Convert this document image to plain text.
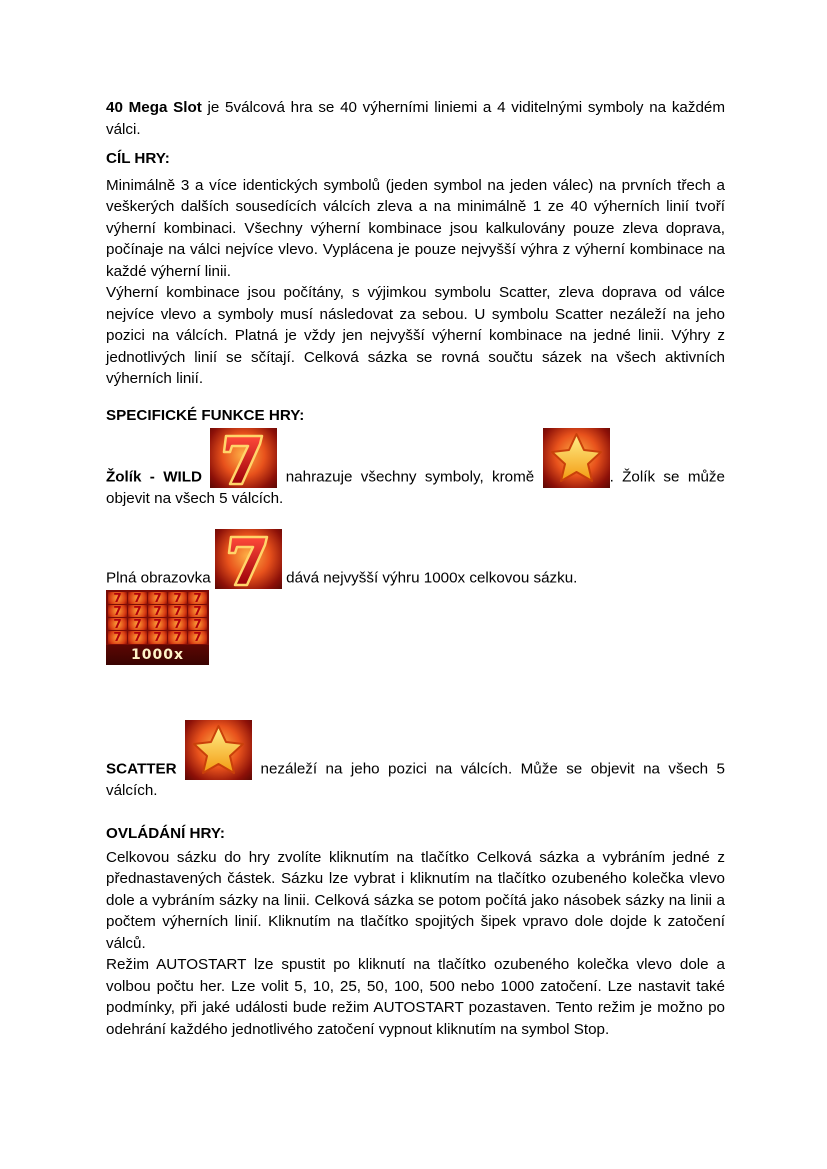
40 Mega Slot je 5válcová hra se 40 výherními liniemi a 4 viditelnými symboly na každém válci.

CÍL HRY:

Minimálně 3 a více identických symbolů (jeden symbol na jeden válec) na prvních třech a veškerých dalších sousedících válcích zleva a na minimálně 1 ze 40 výherních linií tvoří výherní kombinaci. Všechny výherní kombinace jsou kalkulovány pouze zleva doprava, počínaje na válci nejvíce vlevo. Vyplácena je pouze nejvyšší výhra z výherní kombinace na každé výherní linii.

Výherní kombinace jsou počítány, s výjimkou symbolu Scatter, zleva doprava od válce nejvíce vlevo a symboly musí následovat za sebou. U symbolu Scatter nezáleží na jeho pozici na válcích. Platná je vždy jen nejvyšší výherní kombinace na jedné linii. Výhry z jednotlivých linií se sčítají. Celková sázka se rovná součtu sázek na všech aktivních výherních linií.

SPECIFICKÉ FUNKCE HRY:

Žolík - WILD	nahrazuje všechny symboly, kromě	. Žolík se může objevit na všech 5 válcích.

Plná obrazovka	dává nejvyšší výhru 1000x celkovou sázku.

7 7 7 7 7
7 7 7 7 7
7 7 7 7 7
7 7 7 7 7
1000x

SCATTER	nezáleží na jeho pozici na válcích. Může se objevit na všech 5 válcích.

OVLÁDÁNÍ HRY:

Celkovou sázku do hry zvolíte kliknutím na tlačítko Celková sázka a vybráním jedné z přednastavených částek. Sázku lze vybrat i kliknutím na tlačítko ozubeného kolečka vlevo dole a vybráním sázky na linii. Celková sázka se potom počítá jako násobek sázky na linii a počtem výherních linií. Kliknutím na tlačítko spojitých šipek vpravo dole dojde k zatočení válců.

Režim AUTOSTART lze spustit po kliknutí na tlačítko ozubeného kolečka vlevo dole a volbou počtu her. Lze volit 5, 10, 25, 50, 100, 500 nebo 1000 zatočení. Lze nastavit také podmínky, při jaké události bude režim AUTOSTART pozastaven. Tento režim je možno po odehrání každého jednotlivého zatočení vypnout kliknutím na symbol Stop.
